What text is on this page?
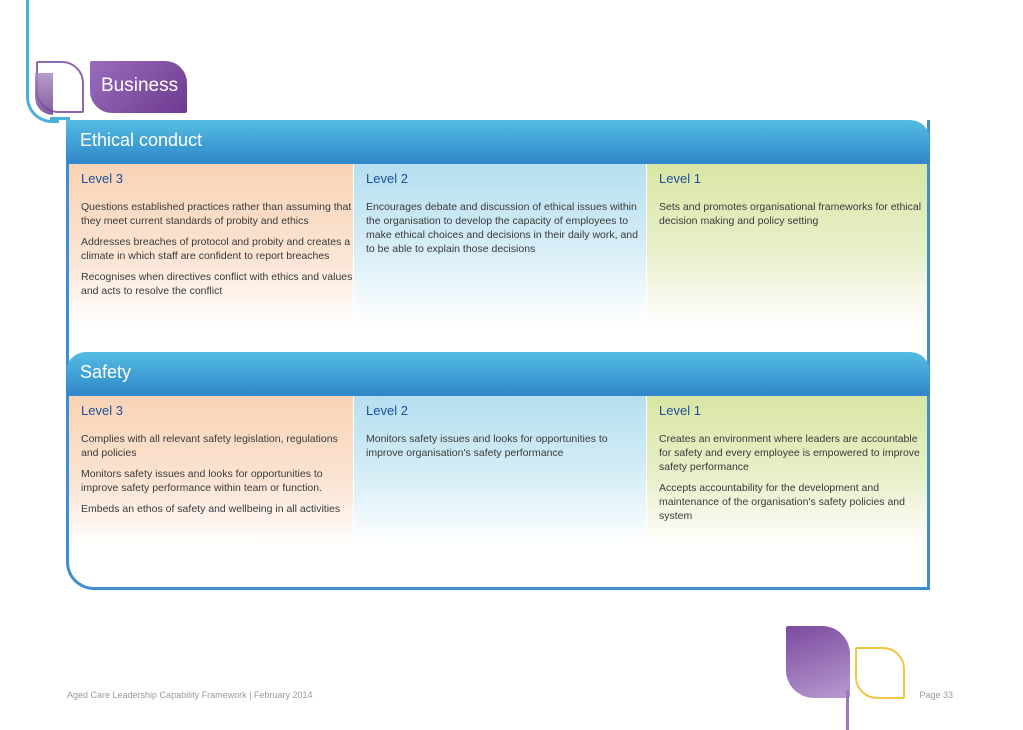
Business
Ethical conduct
Level 3

Questions established practices rather than assuming that they meet current standards of probity and ethics

Addresses breaches of protocol and probity and creates a climate in which staff are confident to report breaches

Recognises when directives conflict with ethics and values and acts to resolve the conflict

Level 2

Encourages debate and discussion of ethical issues within the organisation to develop the capacity of employees to make ethical choices and decisions in their daily work, and to be able to explain those decisions

Level 1

Sets and promotes organisational frameworks for ethical decision making and policy setting

Safety
Level 3

Complies with all relevant safety legislation, regulations and policies

Monitors safety issues and looks for opportunities to improve safety performance within team or function.

Embeds an ethos of safety and wellbeing in all activities

Level 2

Monitors safety issues and looks for opportunities to improve organisation's safety performance

Level 1

Creates an environment where leaders are accountable for safety and every employee is empowered to improve safety performance

Accepts accountability for the development and maintenance of the organisation's safety policies and system

Aged Care Leadership Capability Framework | February 2014	Page 33
